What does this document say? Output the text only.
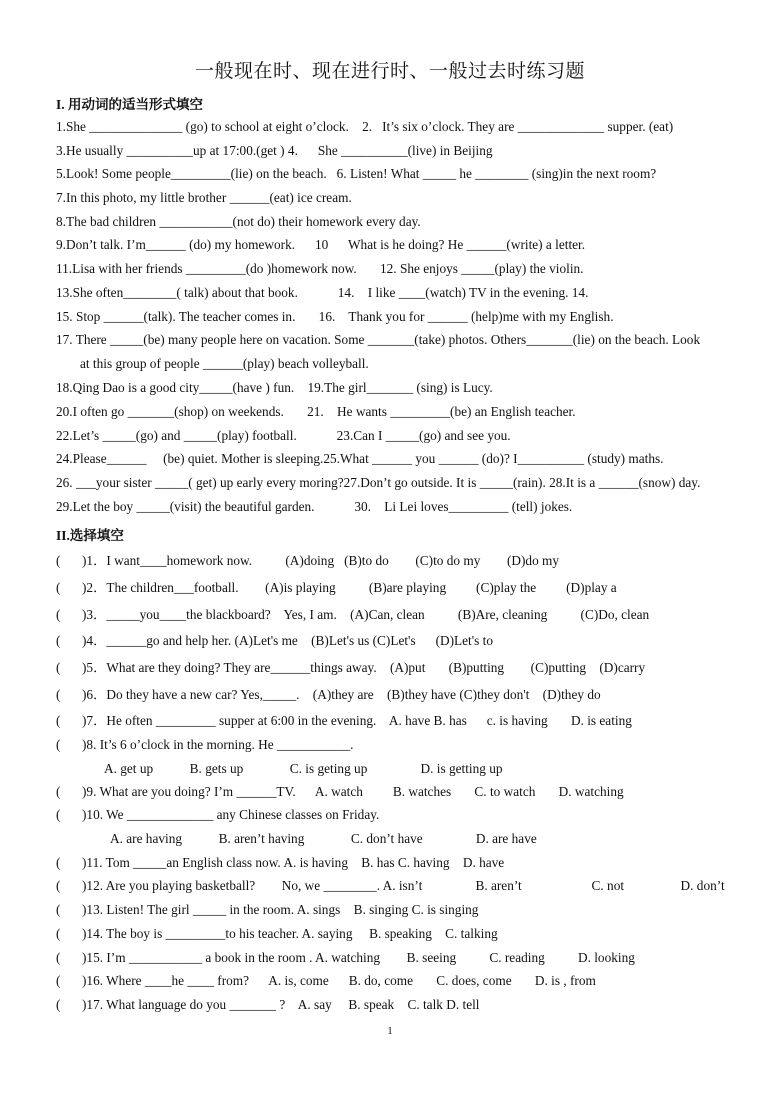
一般现在时、现在进行时、一般过去时练习题
I. 用动词的适当形式填空
1.She ______________ (go) to school at eight o’clock.    2.   It’s six o’clock. They are _____________ supper. (eat)
3.He usually __________up at 17:00.(get ) 4.      She __________(live) in Beijing
5.Look! Some people_________(lie) on the beach.   6. Listen! What _____ he ________ (sing)in the next room?
7.In this photo, my little brother ______(eat) ice cream.
8.The bad children ___________(not do) their homework every day.
9.Don’t talk. I’m______ (do) my homework.      10      What is he doing? He ______(write) a letter.
11.Lisa with her friends _________(do )homework now.       12. She enjoys _____(play) the violin.
13.She often________( talk) about that book.            14.    I like ____(watch) TV in the evening. 14.
15. Stop ______(talk). The teacher comes in.       16.    Thank you for ______ (help)me with my English.
17. There _____(be) many people here on vacation. Some _______(take) photos. Others_______(lie) on the beach. Look
at this group of people ______(play) beach volleyball.
18.Qing Dao is a good city_____(have ) fun.    19.The girl_______ (sing) is Lucy.
20.I often go _______(shop) on weekends.       21.    He wants _________(be) an English teacher.
22.Let’s _____(go) and _____(play) football.            23.Can I _____(go) and see you.
24.Please______     (be) quiet. Mother is sleeping.25.What ______ you ______ (do)? I__________ (study) maths.
26. ___your sister _____( get) up early every moring?27.Don’t go outside. It is _____(rain). 28.It is a ______(snow) day.
29.Let the boy _____(visit) the beautiful garden.            30.    Li Lei loves_________ (tell) jokes.
II.选择填空
( )1．I want____homework now.          (A)doing   (B)to do        (C)to do my        (D)do my
( )2．The children___football.        (A)is playing          (B)are playing         (C)play the         (D)play a
( )3．_____you____the blackboard?    Yes, I am.    (A)Can, clean          (B)Are, cleaning          (C)Do, clean
( )4．______go and help her. (A)Let's me    (B)Let's us (C)Let's      (D)Let's to
( )5．What are they doing? They are______things away.    (A)put       (B)putting        (C)putting    (D)carry
( )6．Do they have a new car? Yes,_____.    (A)they are    (B)they have (C)they don't    (D)they do
( )7．He often _________ supper at 6:00 in the evening.    A. have B. has      c. is having       D. is eating
( )8. It’s 6 o’clock in the morning. He ___________.
A. get up           B. gets up              C. is geting up                D. is getting up
( )9. What are you doing? I’m ______TV.      A. watch         B. watches       C. to watch       D. watching
( )10. We _____________ any Chinese classes on Friday.
A. are having           B. aren’t having              C. don’t have                D. are have
( )11. Tom _____an English class now. A. is having    B. has C. having    D. have
( )12. Are you playing basketball?        No, we ________. A. isn’t                B. aren’t                     C. not                 D. don’t
( )13. Listen! The girl _____ in the room. A. sings    B. singing C. is singing
( )14. The boy is _________to his teacher. A. saying     B. speaking    C. talking
( )15. I’m ___________ a book in the room . A. watching        B. seeing          C. reading          D. looking
( )16. Where ____he ____ from?      A. is, come      B. do, come       C. does, come       D. is , from
( )17. What language do you _______ ?    A. say     B. speak    C. talk D. tell
1
